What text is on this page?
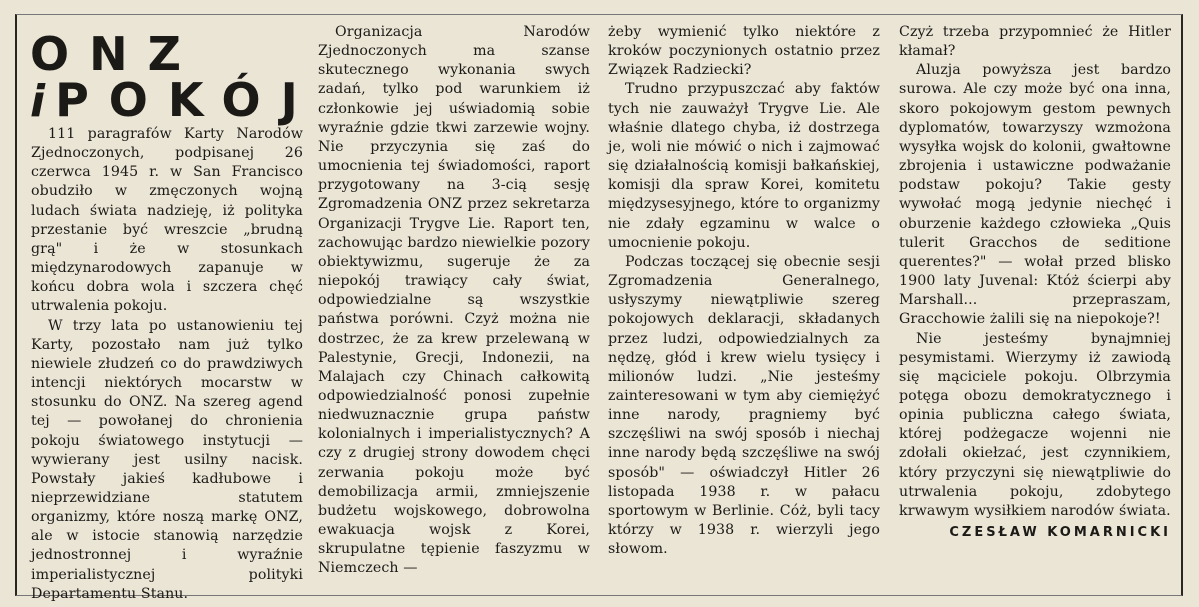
ONZ
iPOKÓJ

111 paragrafów Karty Narodów Zjednoczonych, podpisanej 26 czerwca 1945 r. w San Francisco obudziło w zmęczonych wojną ludach świata nadzieję, iż polityka przestanie być wreszcie „brudną grą" i że w stosunkach międzynarodowych zapanuje w końcu dobra wola i szczera chęć utrwalenia pokoju.

W trzy lata po ustanowieniu tej Karty, pozostało nam już tylko niewiele złudzeń co do prawdziwych intencji niektórych mocarstw w stosunku do ONZ. Na szereg agend tej — powołanej do chronienia pokoju światowego instytucji — wywierany jest usilny nacisk. Powstały jakieś kadłubowe i nieprzewidziane statutem organizmy, które noszą markę ONZ, ale w istocie stanowią narzędzie jednostronnej i wyraźnie imperialistycznej polityki Departamentu Stanu.

Organizacja Narodów Zjednoczonych ma szanse skutecznego wykonania swych zadań, tylko pod warunkiem iż członkowie jej uświadomią sobie wyraźnie gdzie tkwi zarzewie wojny. Nie przyczynia się zaś do umocnienia tej świadomości, raport przygotowany na 3-cią sesję Zgromadzenia ONZ przez sekretarza Organizacji Trygve Lie. Raport ten, zachowując bardzo niewielkie pozory obiektywizmu, sugeruje że za niepokój trawiący cały świat, odpowiedzialne są wszystkie państwa porówni. Czyż można nie dostrzec, że za krew przelewaną w Palestynie, Grecji, Indonezii, na Malajach czy Chinach całkowitą odpowiedzialność ponosi zupełnie niedwuznacznie grupa państw kolonialnych i imperialistycznych? A czy z drugiej strony dowodem chęci zerwania pokoju może być demobilizacja armii, zmniejszenie budżetu wojskowego, dobrowolna ewakuacja wojsk z Korei, skrupulatne tępienie faszyzmu w Niemczech —

żeby wymienić tylko niektóre z kroków poczynionych ostatnio przez Związek Radziecki?

Trudno przypuszczać aby faktów tych nie zauważył Trygve Lie. Ale właśnie dlatego chyba, iż dostrzega je, woli nie mówić o nich i zajmować się działalnością komisji bałkańskiej, komisji dla spraw Korei, komitetu międzysesyjnego, które to organizmy nie zdały egzaminu w walce o umocnienie pokoju.

Podczas toczącej się obecnie sesji Zgromadzenia Generalnego, usłyszymy niewątpliwie szereg pokojowych deklaracji, składanych przez ludzi, odpowiedzialnych za nędzę, głód i krew wielu tysięcy i milionów ludzi. „Nie jesteśmy zainteresowani w tym aby ciemiężyć inne narody, pragniemy być szczęśliwi na swój sposób i niechaj inne narody będą szczęśliwe na swój sposób" — oświadczył Hitler 26 listopada 1938 r. w pałacu sportowym w Berlinie. Cóż, byli tacy którzy w 1938 r. wierzyli jego słowom.

Czyż trzeba przypomnieć że Hitler kłamał?

Aluzja powyższa jest bardzo surowa. Ale czy może być ona inna, skoro pokojowym gestom pewnych dyplomatów, towarzyszy wzmożona wysyłka wojsk do kolonii, gwałtowne zbrojenia i ustawiczne podważanie podstaw pokoju? Takie gesty wywołać mogą jedynie niechęć i oburzenie każdego człowieka „Quis tulerit Gracchos de seditione querentes?" — wołał przed blisko 1900 laty Juvenal: Któż ścierpi aby Marshall... przepraszam, Gracchowie żalili się na niepokoje?!

Nie jesteśmy bynajmniej pesymistami. Wierzymy iż zawiodą się mąciciele pokoju. Olbrzymia potęga obozu demokratycznego i opinia publiczna całego świata, której podżegacze wojenni nie zdołali okiełzać, jest czynnikiem, który przyczyni się niewątpliwie do utrwalenia pokoju, zdobytego krwawym wysiłkiem narodów świata.

CZESŁAW KOMARNICKI
